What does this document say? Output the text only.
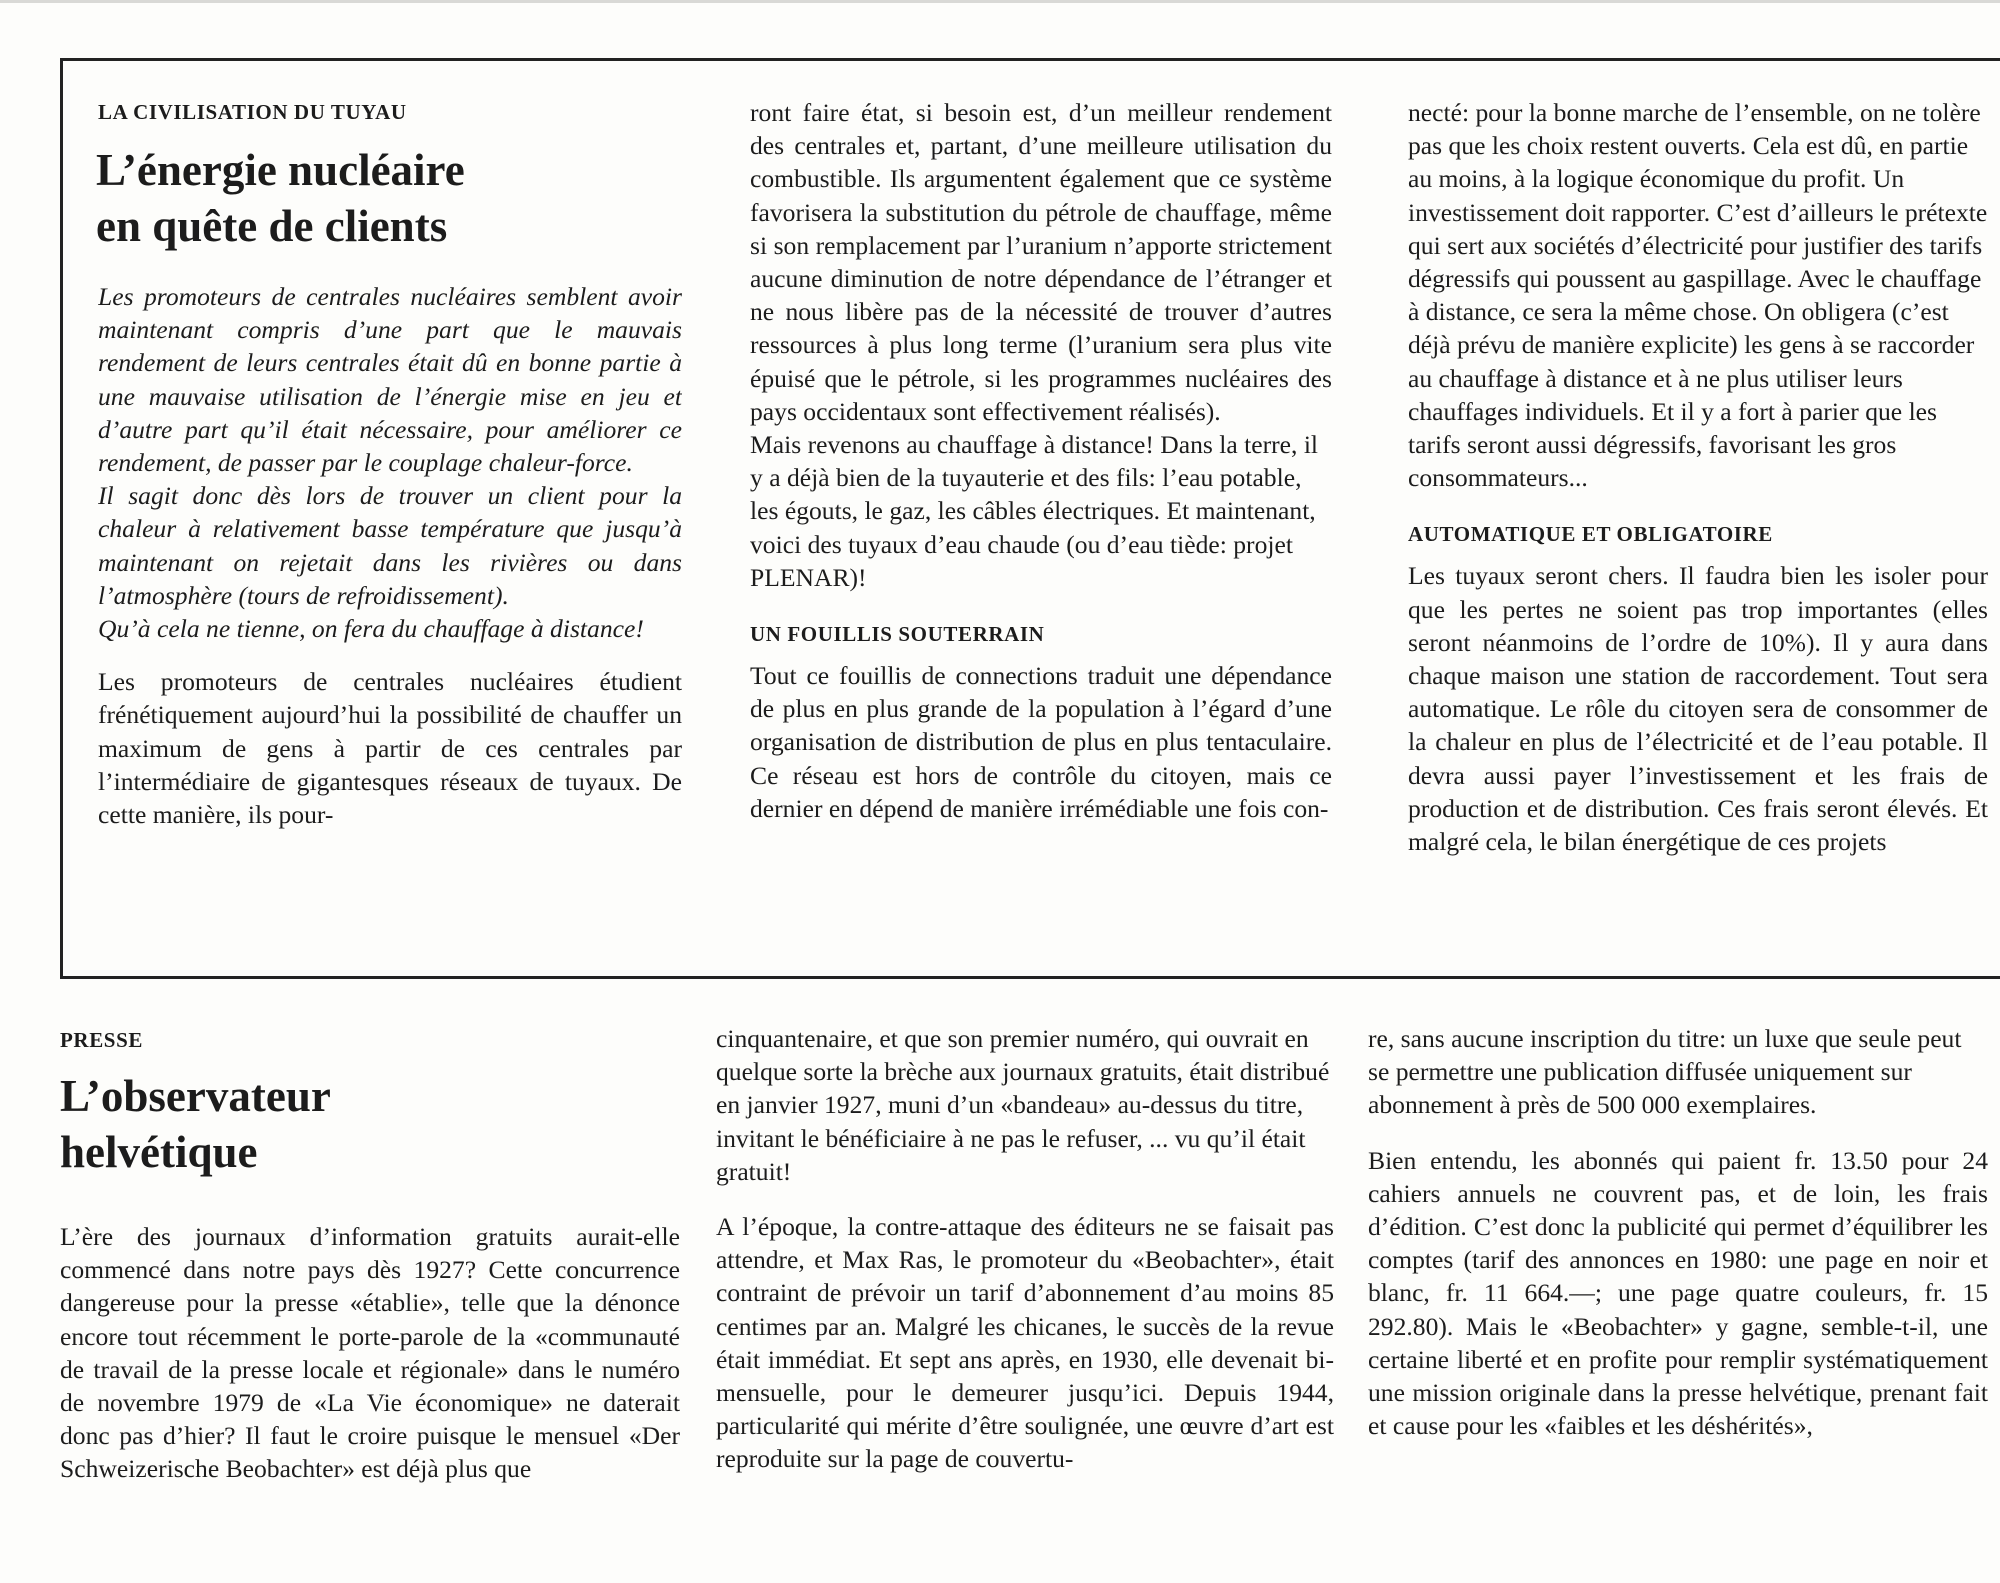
LA CIVILISATION DU TUYAU

L’énergie nucléaire
en quête de clients

Les promoteurs de centrales nucléaires semblent avoir maintenant compris d’une part que le mauvais rendement de leurs centrales était dû en bonne partie à une mauvaise utilisation de l’énergie mise en jeu et d’autre part qu’il était nécessaire, pour améliorer ce rendement, de passer par le couplage chaleur-force.

Il sagit donc dès lors de trouver un client pour la chaleur à relativement basse température que jusqu’à maintenant on rejetait dans les rivières ou dans l’atmosphère (tours de refroidissement).

Qu’à cela ne tienne, on fera du chauffage à distance!

Les promoteurs de centrales nucléaires étudient frénétiquement aujourd’hui la possibilité de chauffer un maximum de gens à partir de ces centrales par l’intermédiaire de gigantesques réseaux de tuyaux. De cette manière, ils pour-

ront faire état, si besoin est, d’un meilleur rendement des centrales et, partant, d’une meilleure utilisation du combustible. Ils argumentent également que ce système favorisera la substitution du pétrole de chauffage, même si son remplacement par l’uranium n’apporte strictement aucune diminution de notre dépendance de l’étranger et ne nous libère pas de la nécessité de trouver d’autres ressources à plus long terme (l’uranium sera plus vite épuisé que le pétrole, si les programmes nucléaires des pays occidentaux sont effectivement réalisés).

Mais revenons au chauffage à distance! Dans la terre, il y a déjà bien de la tuyauterie et des fils: l’eau potable, les égouts, le gaz, les câbles électriques. Et maintenant, voici des tuyaux d’eau chaude (ou d’eau tiède: projet PLENAR)!

UN FOUILLIS SOUTERRAIN

Tout ce fouillis de connections traduit une dépendance de plus en plus grande de la population à l’égard d’une organisation de distribution de plus en plus tentaculaire. Ce réseau est hors de contrôle du citoyen, mais ce dernier en dépend de manière irrémédiable une fois con-

necté: pour la bonne marche de l’ensemble, on ne tolère pas que les choix restent ouverts. Cela est dû, en partie au moins, à la logique économique du profit. Un investissement doit rapporter. C’est d’ailleurs le prétexte qui sert aux sociétés d’électricité pour justifier des tarifs dégressifs qui poussent au gaspillage. Avec le chauffage à distance, ce sera la même chose. On obligera (c’est déjà prévu de manière explicite) les gens à se raccorder au chauffage à distance et à ne plus utiliser leurs chauffages individuels. Et il y a fort à parier que les tarifs seront aussi dégressifs, favorisant les gros consommateurs...

AUTOMATIQUE ET OBLIGATOIRE

Les tuyaux seront chers. Il faudra bien les isoler pour que les pertes ne soient pas trop importantes (elles seront néanmoins de l’ordre de 10%). Il y aura dans chaque maison une station de raccordement. Tout sera automatique. Le rôle du citoyen sera de consommer de la chaleur en plus de l’électricité et de l’eau potable. Il devra aussi payer l’investissement et les frais de production et de distribution. Ces frais seront élevés. Et malgré cela, le bilan énergétique de ces projets

PRESSE

L’observateur
helvétique

L’ère des journaux d’information gratuits aurait-elle commencé dans notre pays dès 1927? Cette concurrence dangereuse pour la presse «établie», telle que la dénonce encore tout récemment le porte-parole de la «communauté de travail de la presse locale et régionale» dans le numéro de novembre 1979 de «La Vie économique» ne daterait donc pas d’hier? Il faut le croire puisque le mensuel «Der Schweizerische Beobachter» est déjà plus que

cinquantenaire, et que son premier numéro, qui ouvrait en quelque sorte la brèche aux journaux gratuits, était distribué en janvier 1927, muni d’un «bandeau» au-dessus du titre, invitant le bénéficiaire à ne pas le refuser, ... vu qu’il était gratuit!

A l’époque, la contre-attaque des éditeurs ne se faisait pas attendre, et Max Ras, le promoteur du «Beobachter», était contraint de prévoir un tarif d’abonnement d’au moins 85 centimes par an. Malgré les chicanes, le succès de la revue était immédiat. Et sept ans après, en 1930, elle devenait bi-mensuelle, pour le demeurer jusqu’ici. Depuis 1944, particularité qui mérite d’être soulignée, une œuvre d’art est reproduite sur la page de couvertu-

re, sans aucune inscription du titre: un luxe que seule peut se permettre une publication diffusée uniquement sur abonnement à près de 500 000 exemplaires.

Bien entendu, les abonnés qui paient fr. 13.50 pour 24 cahiers annuels ne couvrent pas, et de loin, les frais d’édition. C’est donc la publicité qui permet d’équilibrer les comptes (tarif des annonces en 1980: une page en noir et blanc, fr. 11 664.—; une page quatre couleurs, fr. 15 292.80). Mais le «Beobachter» y gagne, semble-t-il, une certaine liberté et en profite pour remplir systématiquement une mission originale dans la presse helvétique, prenant fait et cause pour les «faibles et les déshérités»,
